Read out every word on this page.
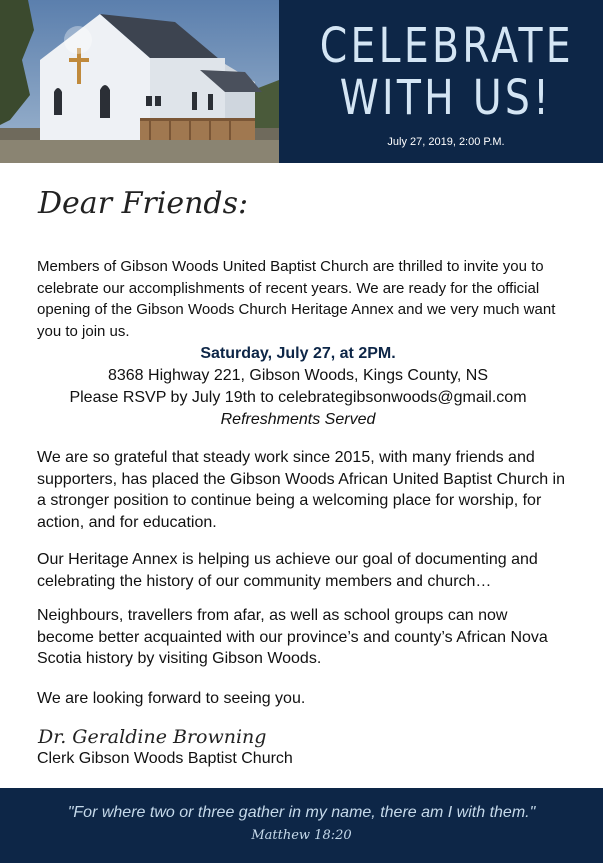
CELEBRATE
WITH US!
July 27, 2019, 2:00 P.M.
Dear Friends:

Members of Gibson Woods United Baptist Church are thrilled to invite you to celebrate our accomplishments of recent years. We are ready for the official opening of the Gibson Woods Church Heritage Annex and we very much want you to join us.

Saturday, July 27, at 2PM.
8368 Highway 221, Gibson Woods, Kings County, NS
Please RSVP by July 19th to celebrategibsonwoods@gmail.com
Refreshments Served

We are so grateful that steady work since 2015, with many friends and supporters, has placed the Gibson Woods African United Baptist Church in a stronger position to continue being a welcoming place for worship, for action, and for education.

Our Heritage Annex is helping us achieve our goal of documenting and celebrating the history of our community members and church…

Neighbours, travellers from afar, as well as school groups can now become better acquainted with our province’s and county’s African Nova Scotia history by visiting Gibson Woods.

We are looking forward to seeing you.

Dr. Geraldine Browning
Clerk Gibson Woods Baptist Church
"For where two or three gather in my name, there am I with them."
Matthew 18:20
